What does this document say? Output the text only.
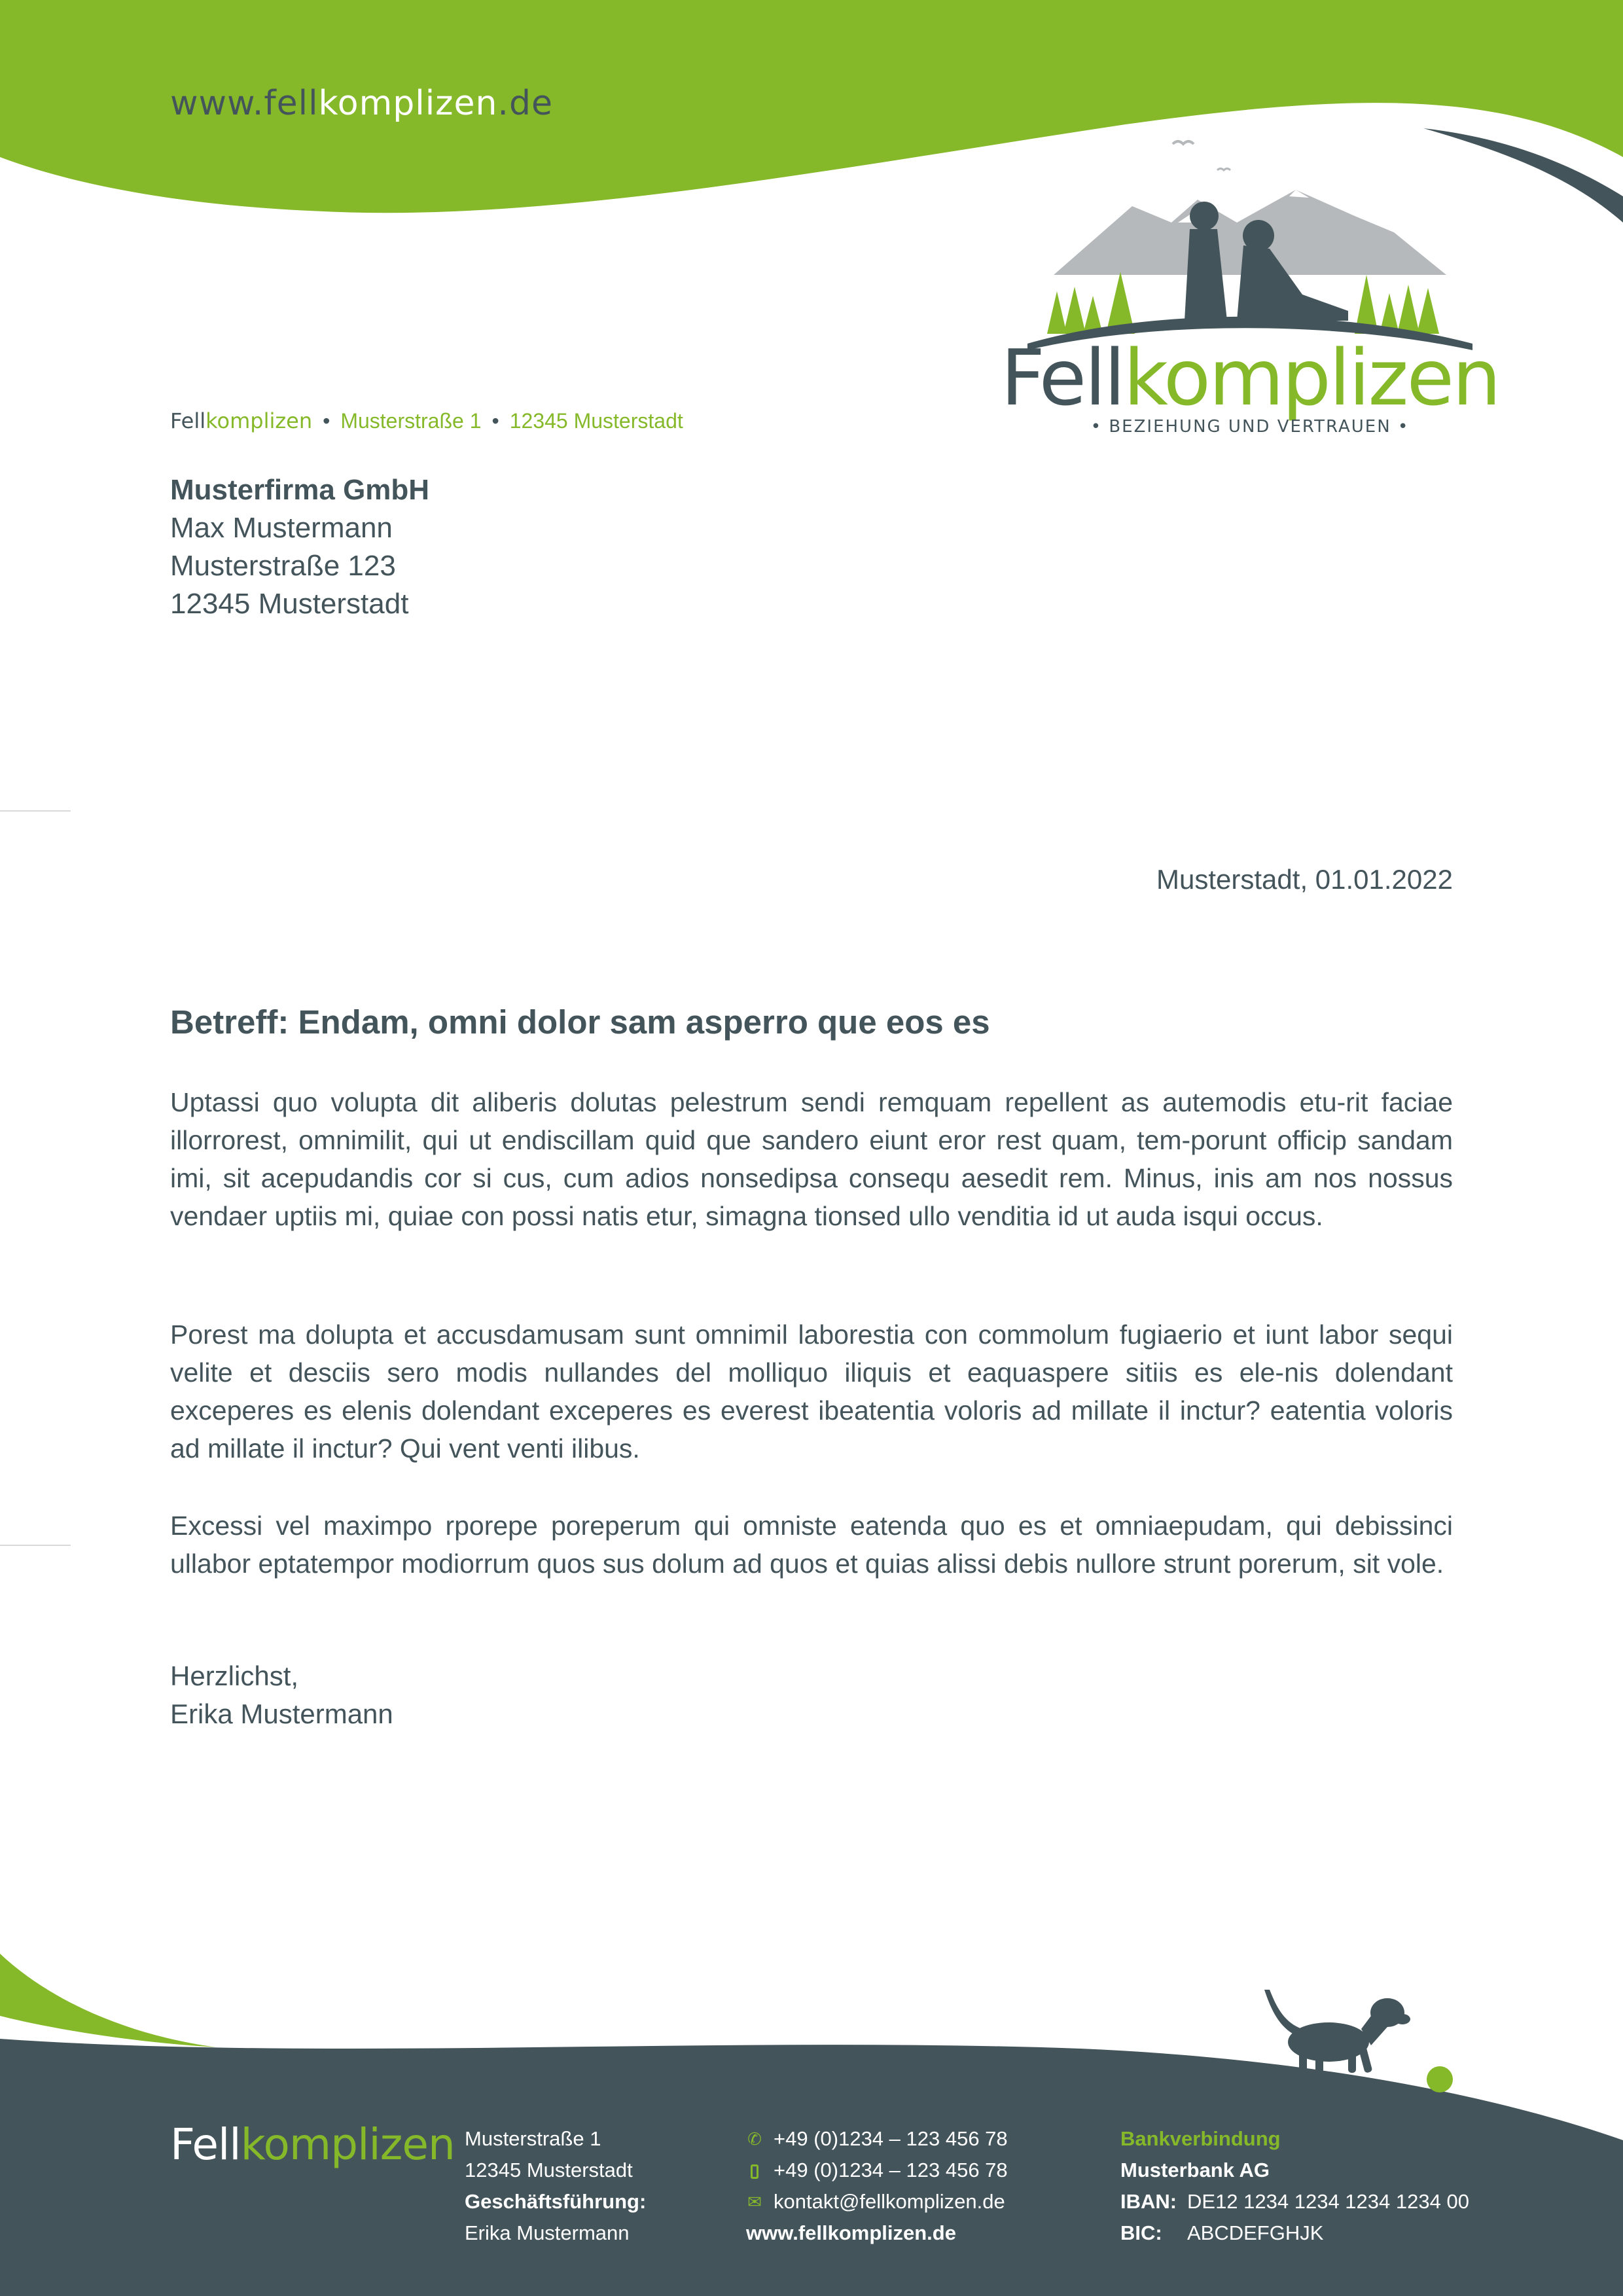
www.fellkomplizen.de
Fellkomplizen
• BEZIEHUNG UND VERTRAUEN •
Fellkomplizen • Musterstraße 1 • 12345 Musterstadt
Musterfirma GmbH
Max Mustermann
Musterstraße 123
12345 Musterstadt
Musterstadt, 01.01.2022
Betreff: Endam, omni dolor sam asperro que eos es
Uptassi quo volupta dit aliberis dolutas pelestrum sendi remquam repellent as autemodis etu-rit faciae illorrorest, omnimilit, qui ut endiscillam quid que sandero eiunt eror rest quam, tem-porunt officip sandam imi, sit acepudandis cor si cus, cum adios nonsedipsa consequ aesedit rem. Minus, inis am nos nossus vendaer uptiis mi, quiae con possi natis etur, simagna tionsed ullo venditia id ut auda isqui occus.
Porest ma dolupta et accusdamusam sunt omnimil laborestia con commolum fugiaerio et iunt labor sequi velite et desciis sero modis nullandes del molliquo iliquis et eaquaspere sitiis es ele-nis dolendant exceperes es elenis dolendant exceperes es everest ibeatentia voloris ad millate il inctur? eatentia voloris ad millate il inctur? Qui vent venti ilibus.
Excessi vel maximpo rporepe poreperum qui omniste eatenda quo es et omniaepudam, qui debissinci ullabor eptatempor modiorrum quos sus dolum ad quos et quias alissi debis nullore strunt porerum, sit vole.
Herzlichst,
Erika Mustermann
Fellkomplizen Musterstraße 1
12345 Musterstadt
Geschäftsführung:
Erika Mustermann
✆ +49 (0)1234 – 123 456 78
+49 (0)1234 – 123 456 78
✉ kontakt@fellkomplizen.de
www.fellkomplizen.de
Bankverbindung
Musterbank AG
IBAN: DE12 1234 1234 1234 1234 00
BIC: ABCDEFGHJK
